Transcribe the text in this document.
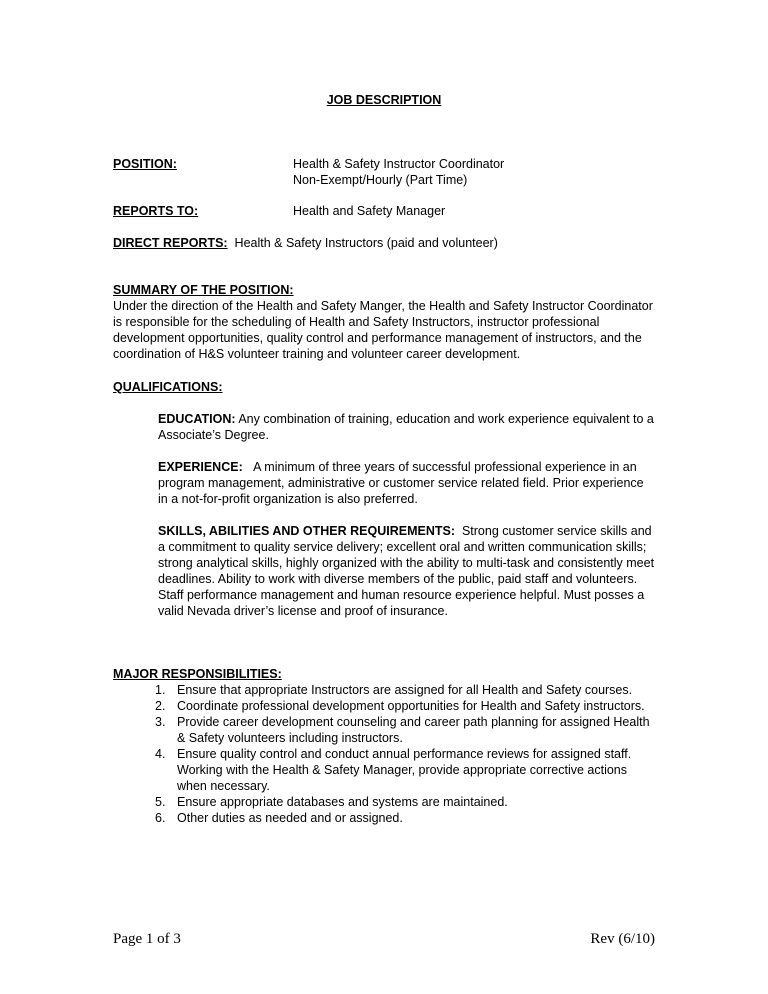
JOB DESCRIPTION
POSITION:	Health & Safety Instructor Coordinator
Non-Exempt/Hourly (Part Time)
REPORTS TO:	Health and Safety Manager
DIRECT REPORTS:  Health & Safety Instructors (paid and volunteer)
SUMMARY OF THE POSITION:
Under the direction of the Health and Safety Manger, the Health and Safety Instructor Coordinator is responsible for the scheduling of Health and Safety Instructors, instructor professional development opportunities, quality control and performance management of instructors, and the coordination of H&S volunteer training and volunteer career development.
QUALIFICATIONS:

EDUCATION: Any combination of training, education and work experience equivalent to a Associate’s Degree.

EXPERIENCE:   A minimum of three years of successful professional experience in an program management, administrative or customer service related field. Prior experience in a not-for-profit organization is also preferred.

SKILLS, ABILITIES AND OTHER REQUIREMENTS:  Strong customer service skills and a commitment to quality service delivery; excellent oral and written communication skills; strong analytical skills, highly organized with the ability to multi-task and consistently meet deadlines. Ability to work with diverse members of the public, paid staff and volunteers. Staff performance management and human resource experience helpful. Must posses a valid Nevada driver’s license and proof of insurance.

MAJOR RESPONSIBILITIES:
1. Ensure that appropriate Instructors are assigned for all Health and Safety courses.
2. Coordinate professional development opportunities for Health and Safety instructors.
3. Provide career development counseling and career path planning for assigned Health & Safety volunteers including instructors.
4. Ensure quality control and conduct annual performance reviews for assigned staff. Working with the Health & Safety Manager, provide appropriate corrective actions when necessary.
5. Ensure appropriate databases and systems are maintained.
6. Other duties as needed and or assigned.
Page 1 of 3	Rev (6/10)
